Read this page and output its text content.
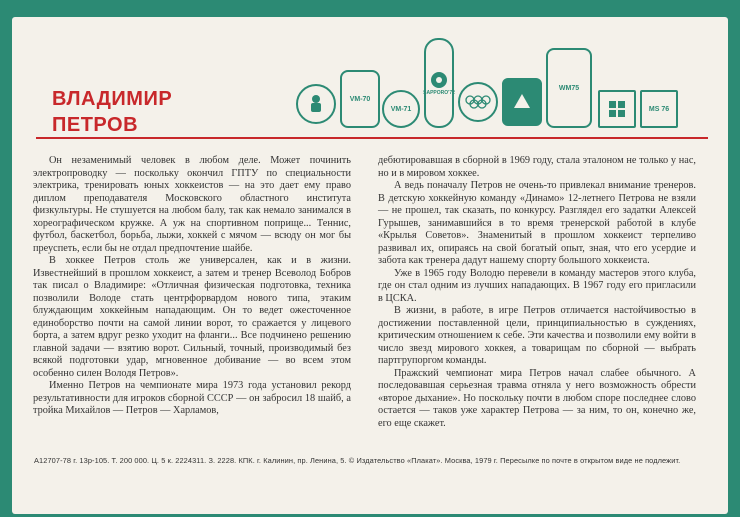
ВЛАДИМИР
ПЕТРОВ
VM-70
VM-71
SAPPORO'72
WM75
MS 76

Он незаменимый человек в любом деле. Может починить электропроводку — поскольку окончил ГПТУ по специальности электрика, тренировать юных хоккеистов — на это дает ему право диплом преподавателя Московского областного института физкультуры. Не стушуется на любом балу, так как немало занимался в хореографическом кружке. А уж на спортивном поприще... Теннис, футбол, баскетбол, борьба, лыжи, хоккей с мячом — всюду он мог бы преуспеть, если бы не отдал предпочтение шайбе.

В хоккее Петров столь же универсален, как и в жизни. Известнейший в прошлом хоккеист, а затем и тренер Всеволод Бобров так писал о Владимире: «Отличная физическая подготовка, техника позволили Володе стать центрфорвардом нового типа, этаким блуждающим хоккейным нападающим. Он то ведет ожесточенное единоборство почти на самой линии ворот, то сражается у лицевого борта, а затем вдруг резко уходит на фланги... Все подчинено решению главной задачи — взятию ворот. Сильный, точный, производимый без всякой подготовки удар, мгновенное добивание — во всем этом особенно силен Володя Петров».

Именно Петров на чемпионате мира 1973 года установил рекорд результативности для игроков сборной СССР — он забросил 18 шайб, а тройка Михайлов — Петров — Харламов,

дебютировавшая в сборной в 1969 году, стала эталоном не только у нас, но и в мировом хоккее.

А ведь поначалу Петров не очень-то привлекал внимание тренеров. В детскую хоккейную команду «Динамо» 12-летнего Петрова не взяли — не прошел, так сказать, по конкурсу. Разглядел его задатки Алексей Гурышев, занимавшийся в то время тренерской работой в клубе «Крылья Советов». Знаменитый в прошлом хоккеист терпеливо развивал их, опираясь на свой богатый опыт, зная, что его усердие и забота как тренера дадут нашему спорту большого хоккеиста.

Уже в 1965 году Володю перевели в команду мастеров этого клуба, где он стал одним из лучших нападающих. В 1967 году его пригласили в ЦСКА.

В жизни, в работе, в игре Петров отличается настойчивостью в достижении поставленной цели, принципиальностью в суждениях, критическим отношением к себе. Эти качества и позволили ему войти в число звезд мирового хоккея, а товарищам по сборной — выбрать партгрупоргом команды.

Пражский чемпионат мира Петров начал слабее обычного. А последовавшая серьезная травма отняла у него возможность обрести «второе дыхание». Но поскольку почти в любом споре последнее слово остается — таков уже характер Петрова — за ним, то он, конечно же, его еще скажет.

А12707-78 г. 13р-105. Т. 200 000. Ц. 5 к. 2224311. З. 2228. КПК. г. Калинин, пр. Ленина, 5. © Издательство «Плакат». Москва, 1979 г. Пересылке по почте в открытом виде не подлежит.
